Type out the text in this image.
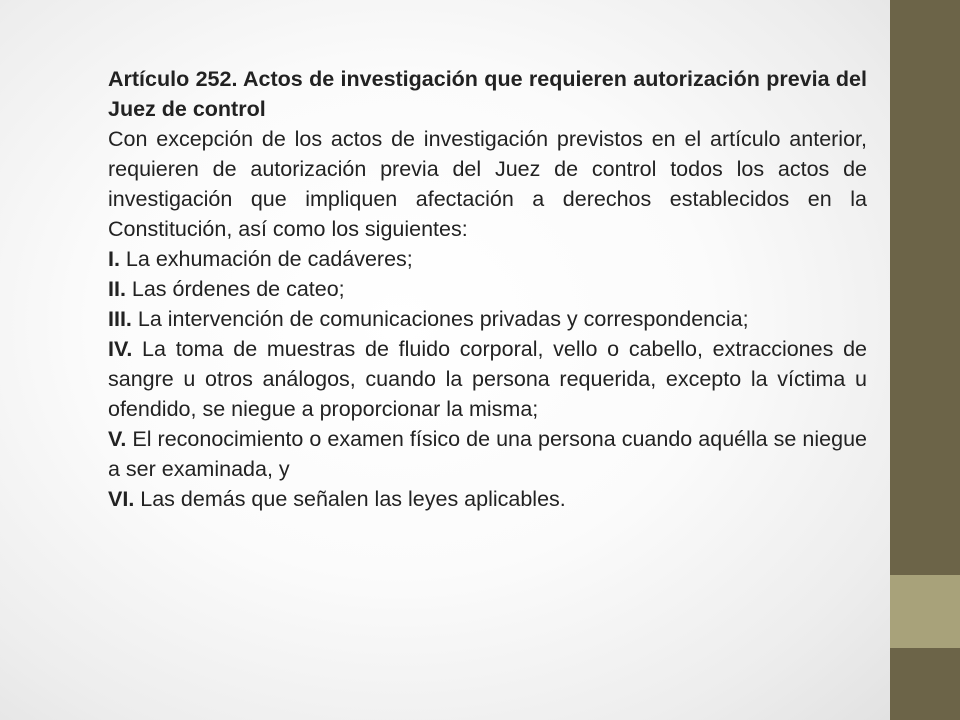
Artículo 252. Actos de investigación que requieren autorización previa del Juez de control

Con excepción de los actos de investigación previstos en el artículo anterior, requieren de autorización previa del Juez de control todos los actos de investigación que impliquen afectación a derechos establecidos en la Constitución, así como los siguientes:

I. La exhumación de cadáveres;

II. Las órdenes de cateo;

III. La intervención de comunicaciones privadas y correspondencia;

IV. La toma de muestras de fluido corporal, vello o cabello, extracciones de sangre u otros análogos, cuando la persona requerida, excepto la víctima u ofendido, se niegue a proporcionar la misma;

V. El reconocimiento o examen físico de una persona cuando aquélla se niegue a ser examinada, y

VI. Las demás que señalen las leyes aplicables.
